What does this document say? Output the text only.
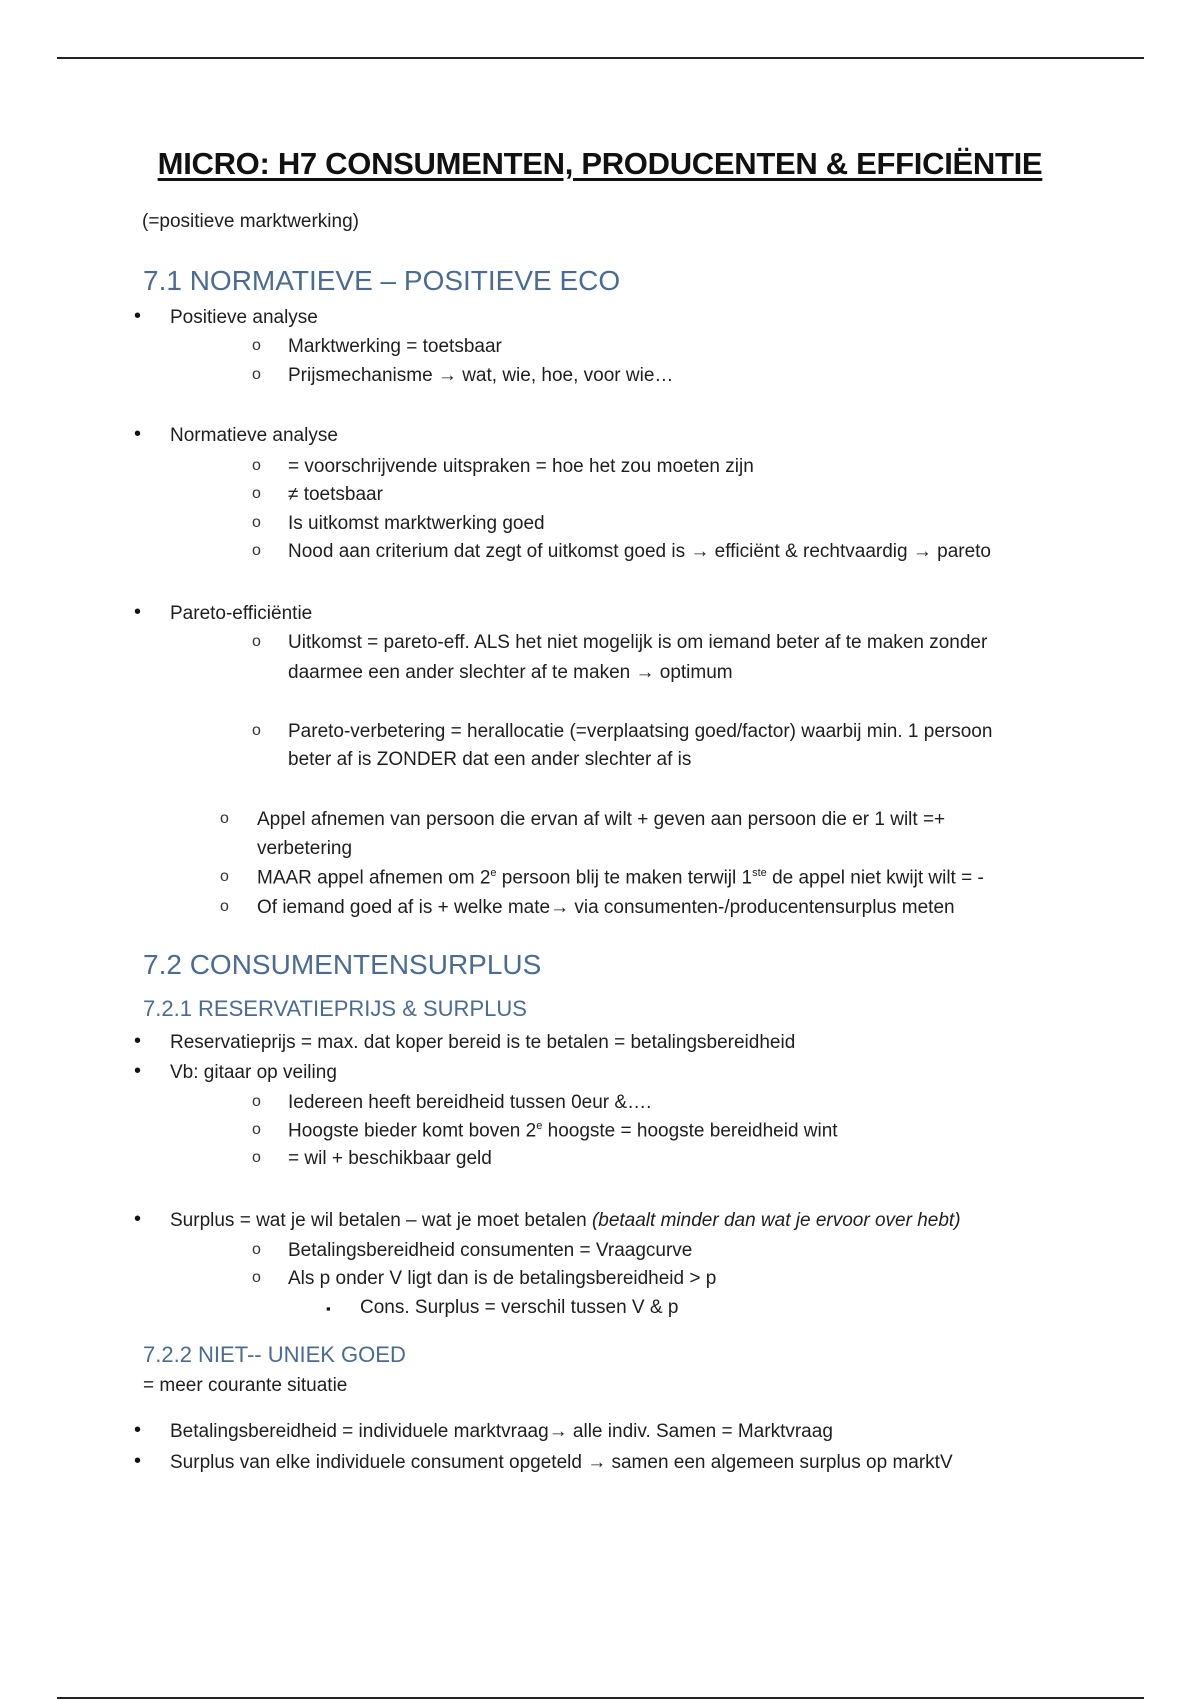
MICRO: H7 CONSUMENTEN, PRODUCENTEN & EFFICIËNTIE
(=positieve marktwerking)
7.1 NORMATIEVE – POSITIEVE ECO
• Positieve analyse
o Marktwerking = toetsbaar
o Prijsmechanisme → wat, wie, hoe, voor wie…
• Normatieve analyse
o = voorschrijvende uitspraken = hoe het zou moeten zijn
o ≠ toetsbaar
o Is uitkomst marktwerking goed
o Nood aan criterium dat zegt of uitkomst goed is → efficiënt & rechtvaardig → pareto
• Pareto-efficiëntie
o Uitkomst = pareto-eff. ALS het niet mogelijk is om iemand beter af te maken zonder
daarmee een ander slechter af te maken → optimum
o Pareto-verbetering = herallocatie (=verplaatsing goed/factor) waarbij min. 1 persoon
beter af is ZONDER dat een ander slechter af is
o Appel afnemen van persoon die ervan af wilt + geven aan persoon die er 1 wilt =+
verbetering
o MAAR appel afnemen om 2e persoon blij te maken terwijl 1ste de appel niet kwijt wilt = -
o Of iemand goed af is + welke mate→ via consumenten-/producentensurplus meten
7.2 CONSUMENTENSURPLUS
7.2.1 RESERVATIEPRIJS & SURPLUS
• Reservatieprijs = max. dat koper bereid is te betalen = betalingsbereidheid
• Vb: gitaar op veiling
o Iedereen heeft bereidheid tussen 0eur &….
o Hoogste bieder komt boven 2e hoogste = hoogste bereidheid wint
o = wil + beschikbaar geld
• Surplus = wat je wil betalen – wat je moet betalen (betaalt minder dan wat je ervoor over hebt)
o Betalingsbereidheid consumenten = Vraagcurve
o Als p onder V ligt dan is de betalingsbereidheid > p
▪ Cons. Surplus = verschil tussen V & p
7.2.2 NIET-- UNIEK GOED
= meer courante situatie
• Betalingsbereidheid = individuele marktvraag→ alle indiv. Samen = Marktvraag
• Surplus van elke individuele consument opgeteld → samen een algemeen surplus op marktV
